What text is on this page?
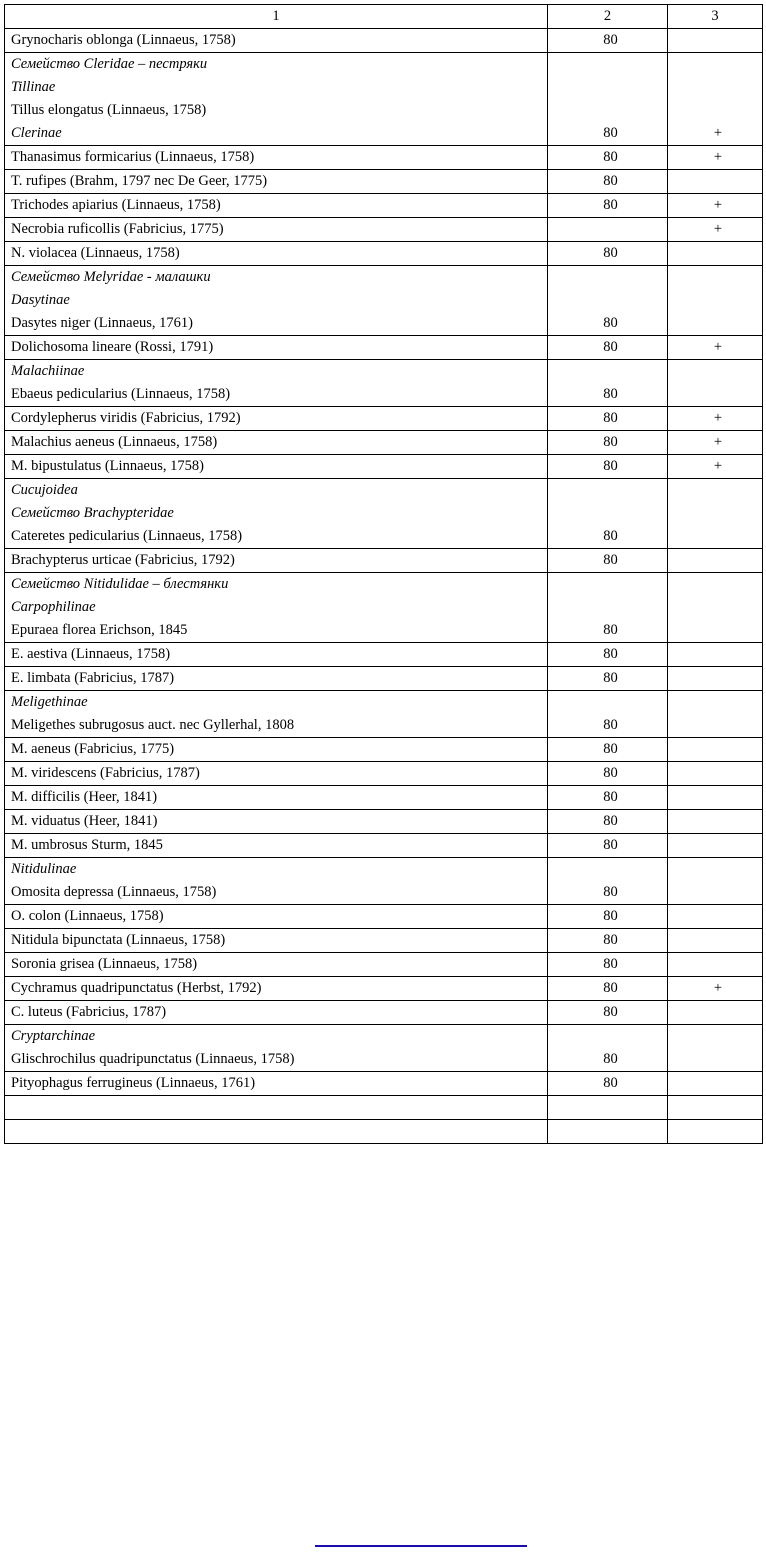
1	2	3

Grynocharis oblonga (Linnaeus, 1758)	80	

Семейство Cleridae – пестряки
Tillinae
Tillus elongatus (Linnaeus, 1758)
Clerinae	80	+

Thanasimus formicarius (Linnaeus, 1758)	80	+

T. rufipes (Brahm, 1797 nec De Geer, 1775)	80	

Trichodes apiarius (Linnaeus, 1758)	80	+

Necrobia ruficollis (Fabricius, 1775)		+

N. violacea (Linnaeus, 1758)	80	

Семейство Melyridae - малашки
Dasytinae
Dasytes niger (Linnaeus, 1761)	80	

Dolichosoma lineare (Rossi, 1791)	80	+

Malachiinae
Ebaeus pedicularius (Linnaeus, 1758)	80	

Cordylepherus viridis (Fabricius, 1792)	80	+

Malachius aeneus (Linnaeus, 1758)	80	+

M. bipustulatus (Linnaeus, 1758)	80	+

Cucujoidea
Семейство Brachypteridae
Cateretes pedicularius (Linnaeus, 1758)	80	

Brachypterus urticae (Fabricius, 1792)	80	

Семейство Nitidulidae – блестянки
Carpophilinae
Epuraea florea Erichson, 1845	80	

E. aestiva (Linnaeus, 1758)	80	

E. limbata (Fabricius, 1787)	80	

Meligethinae
Meligethes subrugosus auct. nec Gyllerhal, 1808	80	

M. aeneus (Fabricius, 1775)	80	

M. viridescens (Fabricius, 1787)	80	

M. difficilis (Heer, 1841)	80	

M. viduatus (Heer, 1841)	80	

M. umbrosus Sturm, 1845	80	

Nitidulinae
Omosita depressa (Linnaeus, 1758)	80	

O. colon (Linnaeus, 1758)	80	

Nitidula bipunctata (Linnaeus, 1758)	80	

Soronia grisea (Linnaeus, 1758)	80	

Cychramus quadripunctatus (Herbst, 1792)	80	+

C. luteus (Fabricius, 1787)	80	

Cryptarchinae
Glischrochilus quadripunctatus (Linnaeus, 1758)	80	

Pityophagus ferrugineus (Linnaeus, 1761)	80	
